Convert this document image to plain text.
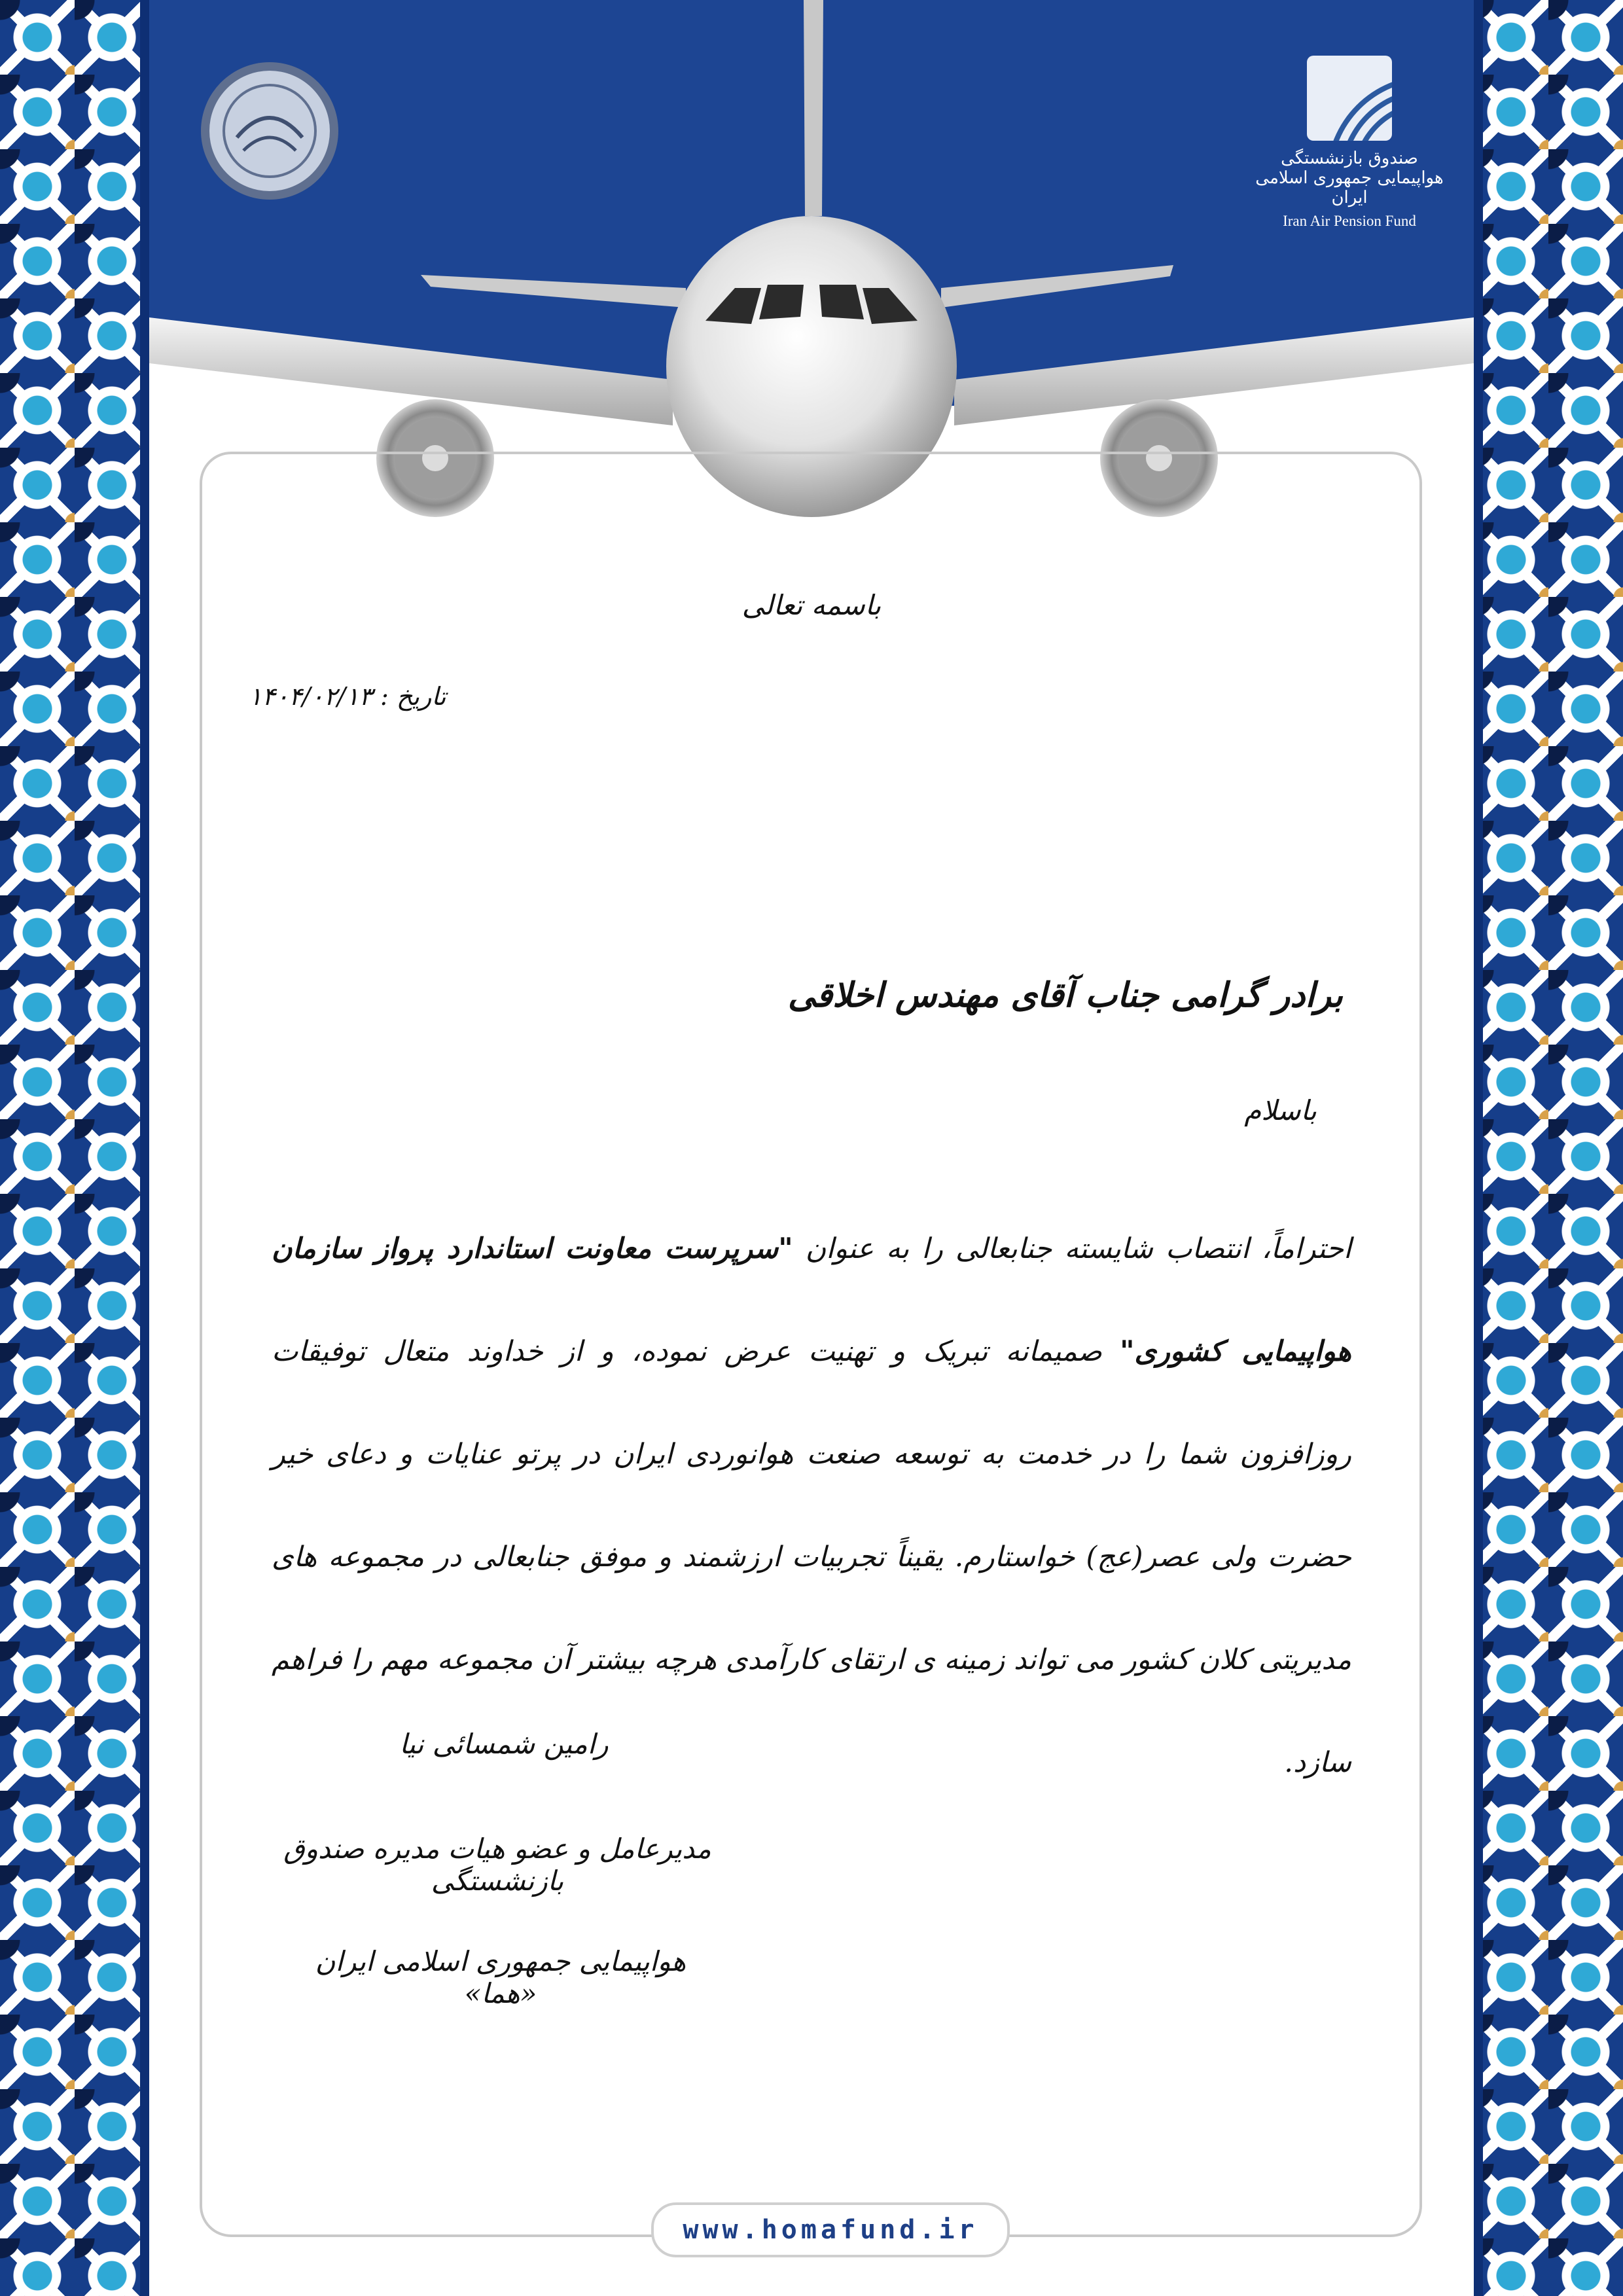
صندوق بازنشستگی هواپیمایی جمهوری اسلامی ایران
Iran Air Pension Fund
باسمه تعالی
تاریخ : ۱۴۰۴/۰۲/۱۳
برادر گرامی جناب آقای مهندس اخلاقی
باسلام
احتراماً، انتصاب شایسته جنابعالی را به عنوان "سرپرست معاونت استاندارد پرواز سازمان هواپیمایی کشوری" صمیمانه تبریک و تهنیت عرض نموده، و از خداوند متعال توفیقات روزافزون شما را در خدمت به توسعه صنعت هوانوردی ایران در پرتو عنایات و دعای خیر حضرت ولی عصر(عج) خواستارم. یقیناً تجربیات ارزشمند و موفق جنابعالی در مجموعه های مدیریتی کلان کشور می تواند زمینه ی ارتقای کارآمدی هرچه بیشتر آن مجموعه مهم را فراهم سازد.
رامین شمسائی نیا
مدیرعامل و عضو هیات مدیره صندوق بازنشستگی
هواپیمایی جمهوری اسلامی ایران «هما»
www.homafund.ir
